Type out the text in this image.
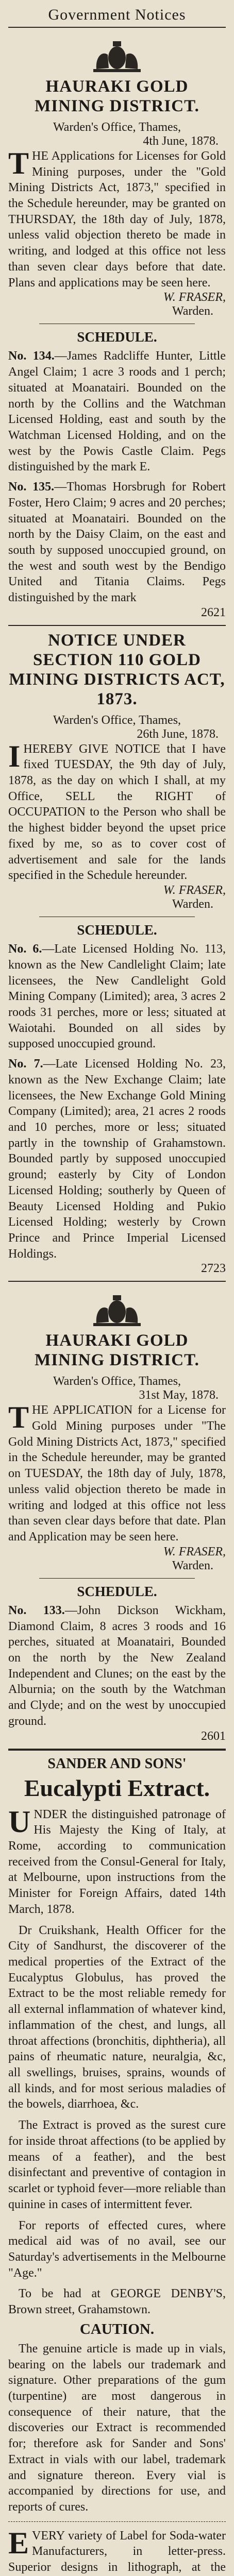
Government Notices
HAURAKI GOLD MINING DISTRICT.
Warden's Office, Thames,
4th June, 1878.

THE Applications for Licenses for Gold Mining purposes, under the "Gold Mining Districts Act, 1873," specified in the Schedule hereunder, may be granted on THURSDAY, the 18th day of July, 1878, unless valid objection thereto be made in writing, and lodged at this office not less than seven clear days before that date. Plans and applications may be seen here.

W. FRASER,
Warden.
SCHEDULE.
No. 134.—James Radcliffe Hunter, Little Angel Claim; 1 acre 3 roods and 1 perch; situated at Moanatairi. Bounded on the north by the Collins and the Watchman Licensed Holding, east and south by the Watchman Licensed Holding, and on the west by the Powis Castle Claim. Pegs distinguished by the mark E.
No. 135.—Thomas Horsbrugh for Robert Foster, Hero Claim; 9 acres and 20 perches; situated at Moanatairi. Bounded on the north by the Daisy Claim, on the east and south by supposed unoccupied ground, on the west and south west by the Bendigo United and Titania Claims. Pegs distinguished by the mark
2621
NOTICE UNDER SECTION 110 GOLD MINING DISTRICTS ACT, 1873.
Warden's Office, Thames,
26th June, 1878.

IHEREBY GIVE NOTICE that I have fixed TUESDAY, the 9th day of July, 1878, as the day on which I shall, at my Office, SELL the RIGHT of OCCUPATION to the Person who shall be the highest bidder beyond the upset price fixed by me, so as to cover cost of advertisement and sale for the lands specified in the Schedule hereunder.

W. FRASER,
Warden.
SCHEDULE.
No. 6.—Late Licensed Holding No. 113, known as the New Candlelight Claim; late licensees, the New Candlelight Gold Mining Company (Limited); area, 3 acres 2 roods 31 perches, more or less; situated at Waiotahi. Bounded on all sides by supposed unoccupied ground.
No. 7.—Late Licensed Holding No. 23, known as the New Exchange Claim; late licensees, the New Exchange Gold Mining Company (Limited); area, 21 acres 2 roods and 10 perches, more or less; situated partly in the township of Grahamstown. Bounded partly by supposed unoccupied ground; easterly by City of London Licensed Holding; southerly by Queen of Beauty Licensed Holding and Pukio Licensed Holding; westerly by Crown Prince and Prince Imperial Licensed Holdings.
2723
HAURAKI GOLD MINING DISTRICT.
Warden's Office, Thames,
31st May, 1878.

THE APPLICATION for a License for Gold Mining purposes under "The Gold Mining Districts Act, 1873," specified in the Schedule hereunder, may be granted on TUESDAY, the 18th day of July, 1878, unless valid objection thereto be made in writing and lodged at this office not less than seven clear days before that date. Plan and Application may be seen here.

W. FRASER,
Warden.
SCHEDULE.
No. 133.—John Dickson Wickham, Diamond Claim, 8 acres 3 roods and 16 perches, situated at Moanatairi, Bounded on the north by the New Zealand Independent and Clunes; on the east by the Alburnia; on the south by the Watchman and Clyde; and on the west by unoccupied ground.
2601
SANDER AND SONS'
Eucalypti Extract.

UNDER the distinguished patronage of His Majesty the King of Italy, at Rome, according to communication received from the Consul-General for Italy, at Melbourne, upon instructions from the Minister for Foreign Affairs, dated 14th March, 1878.

Dr Cruikshank, Health Officer for the City of Sandhurst, the discoverer of the medical properties of the Extract of the Eucalyptus Globulus, has proved the Extract to be the most reliable remedy for all external inflammation of whatever kind, inflammation of the chest, and lungs, all throat affections (bronchitis, diphtheria), all pains of rheumatic nature, neuralgia, &c, all swellings, bruises, sprains, wounds of all kinds, and for most serious maladies of the bowels, diarrhoea, &c.

The Extract is proved as the surest cure for inside throat affections (to be applied by means of a feather), and the best disinfectant and preventive of contagion in scarlet or typhoid fever—more reliable than quinine in cases of intermittent fever.

For reports of effected cures, where medical aid was of no avail, see our Saturday's advertisements in the Melbourne "Age."

To be had at GEORGE DENBY'S, Brown street, Grahamstown.

CAUTION.

The genuine article is made up in vials, bearing on the labels our trademark and signature. Other preparations of the gum (turpentine) are most dangerous in consequence of their nature, that the discoveries our Extract is recommended for; therefore ask for Sander and Sons' Extract in vials with our label, trademark and signature thereon. Every vial is accompanied by directions for use, and reports of cures.

EVERY variety of Label for Soda-water Manufacturers, in letter-press. Superior designs in lithograph, at the
